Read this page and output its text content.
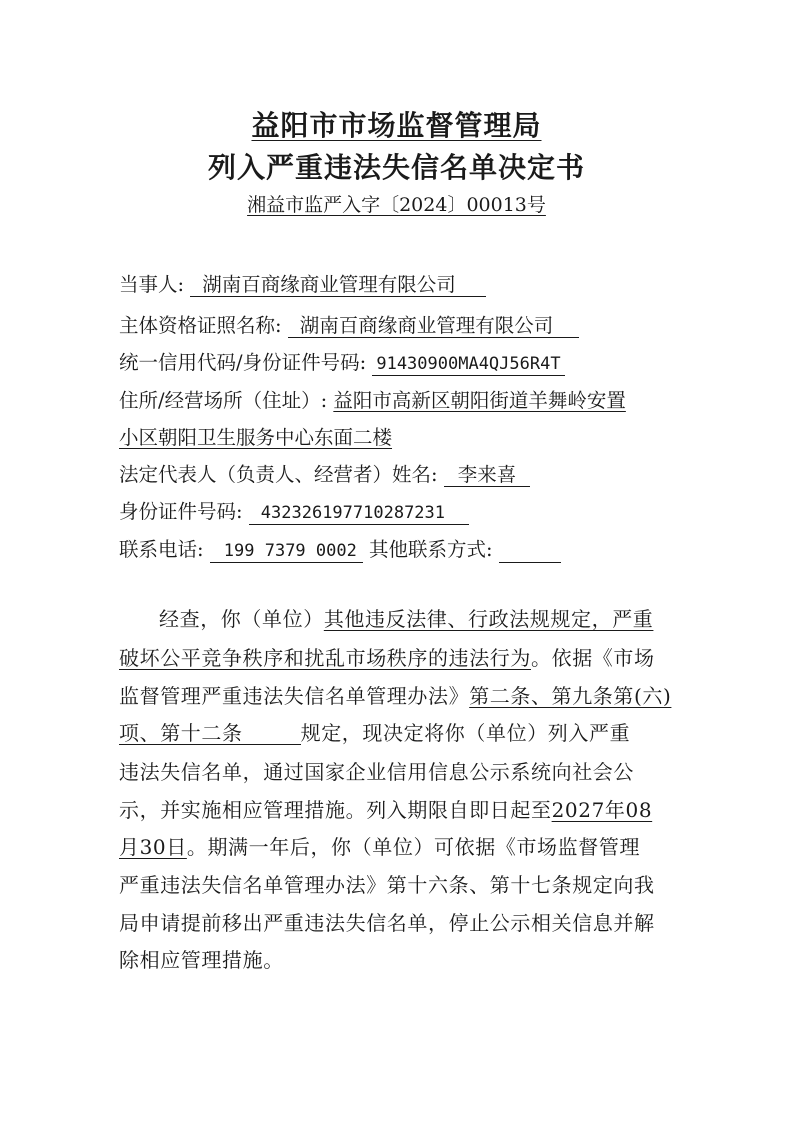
益阳市市场监督管理局
列入严重违法失信名单决定书
湘益市监严入字〔2024〕00013号
当事人: 湖南百商缘商业管理有限公司
主体资格证照名称: 湖南百商缘商业管理有限公司
统一信用代码/身份证件号码: 91430900MA4QJ56R4T
住所/经营场所（住址）: 益阳市高新区朝阳街道羊舞岭安置
小区朝阳卫生服务中心东面二楼
法定代表人（负责人、经营者）姓名: 李来喜
身份证件号码: 432326197710287231
联系电话: 199 7379 0002 其他联系方式:
经查，你（单位）其他违反法律、行政法规规定，严重
破坏公平竞争秩序和扰乱市场秩序的违法行为。依据《市场
监督管理严重违法失信名单管理办法》第二条、第九条第(六)
项、第十二条	规定，现决定将你（单位）列入严重
违法失信名单，通过国家企业信用信息公示系统向社会公
示，并实施相应管理措施。列入期限自即日起至2027年08
月30日。期满一年后，你（单位）可依据《市场监督管理
严重违法失信名单管理办法》第十六条、第十七条规定向我
局申请提前移出严重违法失信名单，停止公示相关信息并解
除相应管理措施。
